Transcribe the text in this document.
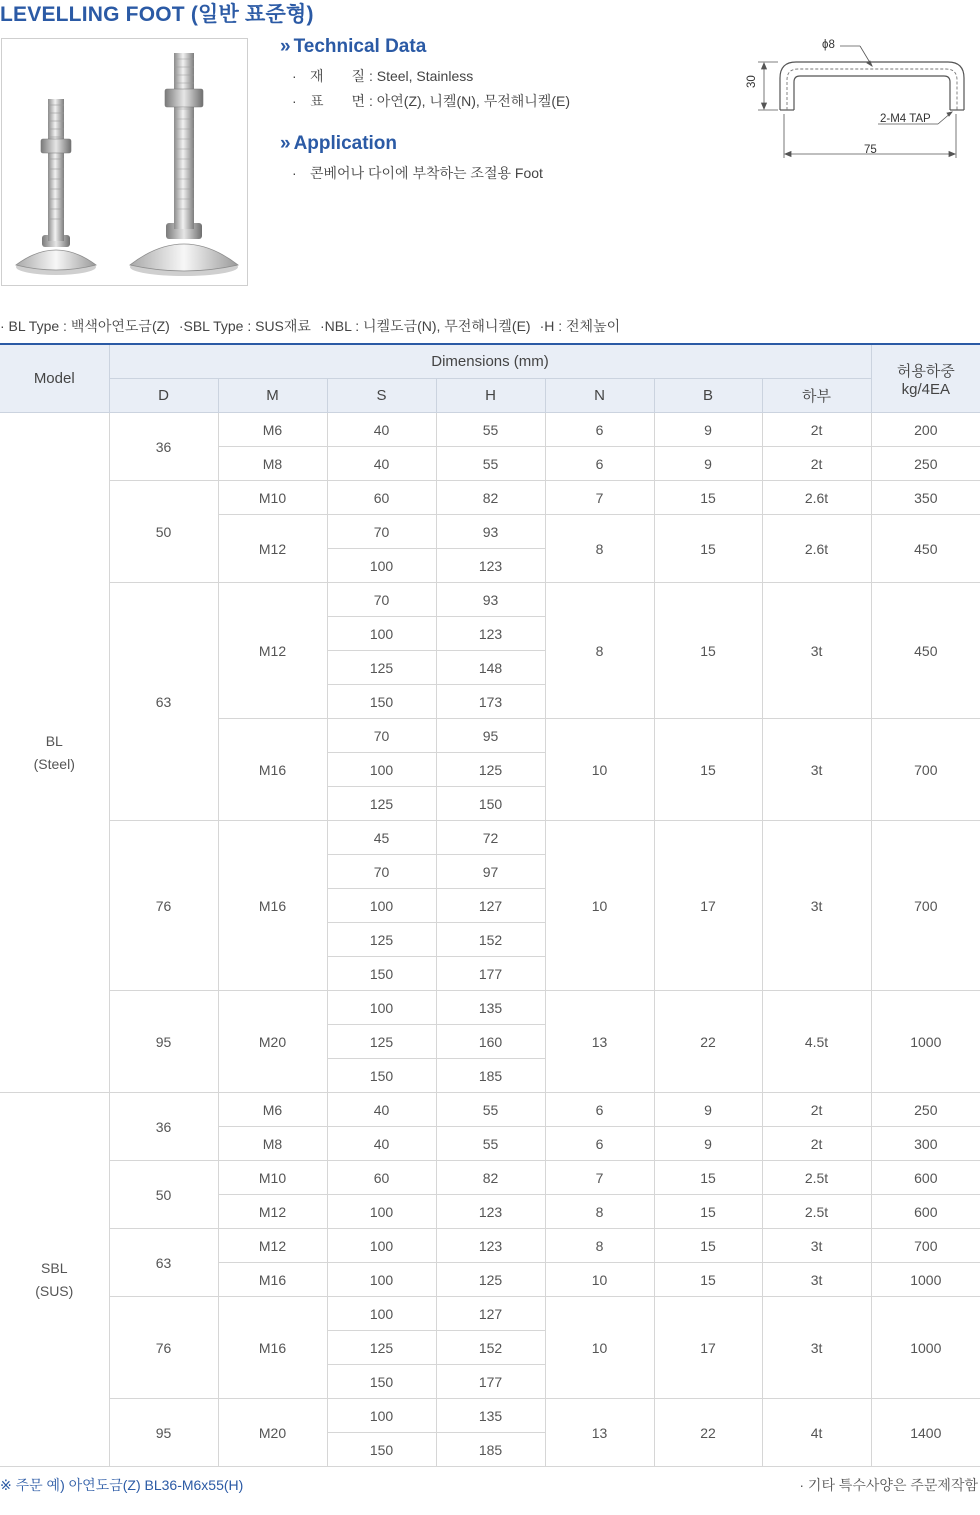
LEVELLING FOOT (일반 표준형)
» Technical Data
· 재　　질 : Steel, Stainless
· 표　　면 : 아연(Z), 니켈(N), 무전해니켈(E)
» Application
· 콘베어나 다이에 부착하는 조절용 Foot
ϕ8
30
2-M4 TAP
75
· BL Type : 백색아연도금(Z) ·SBL Type : SUS재료 ·NBL : 니켈도금(N), 무전해니켈(E) ·H : 전체높이
Model	Dimensions (mm)							허용하중
kg/4EA
	D	M	S	H	N	B	하부	
BL
(Steel)	36	M6	40	55	6	9	2t	200
		M8	40	55	6	9	2t	250
	50	M10	60	82	7	15	2.6t	350
		M12	70	93	8	15	2.6t	450
			100	123				
	63	M12	70	93	8	15	3t	450
			100	123				
			125	148				
			150	173				
		M16	70	95	10	15	3t	700
			100	125				
			125	150				
	76	M16	45	72	10	17	3t	700
			70	97				
			100	127				
			125	152				
			150	177				
	95	M20	100	135	13	22	4.5t	1000
			125	160				
			150	185				
SBL
(SUS)	36	M6	40	55	6	9	2t	250
		M8	40	55	6	9	2t	300
	50	M10	60	82	7	15	2.5t	600
		M12	100	123	8	15	2.5t	600
	63	M12	100	123	8	15	3t	700
		M16	100	125	10	15	3t	1000
	76	M16	100	127	10	17	3t	1000
			125	152				
			150	177				
	95	M20	100	135	13	22	4t	1400
			150	185				
※ 주문 예) 아연도금(Z) BL36-M6x55(H)	· 기타 특수사양은 주문제작함
